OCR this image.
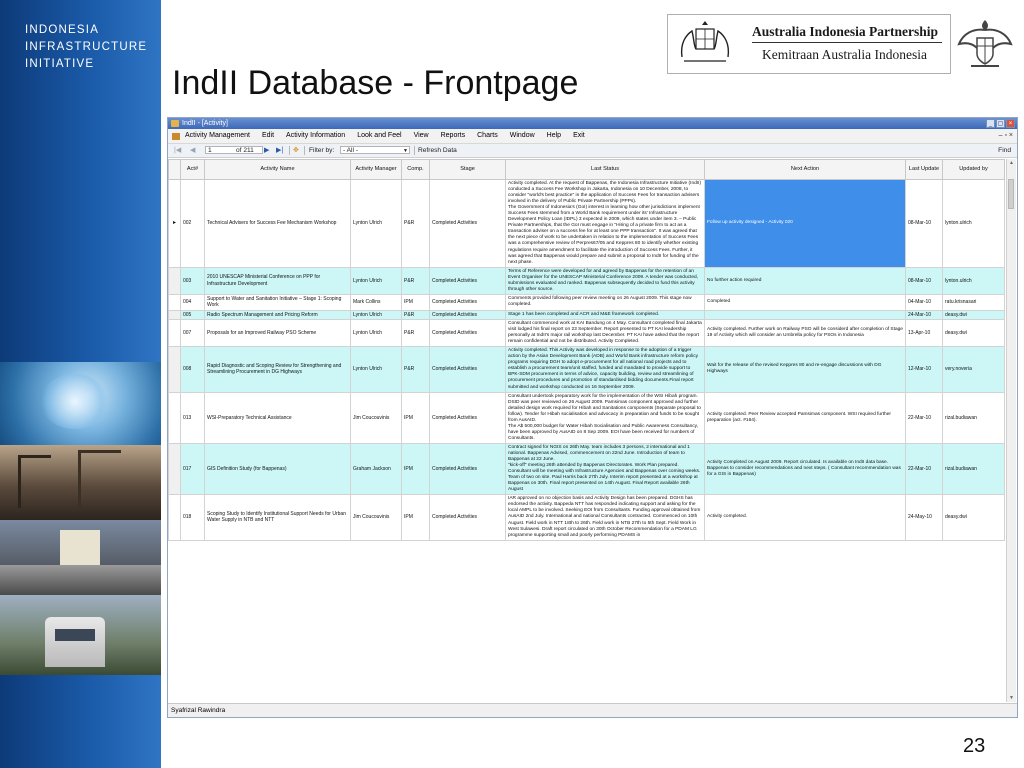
INDONESIA
INFRASTRUCTURE
INITIATIVE	IndII Database - Frontpage
Australia Indonesia Partnership
Kemitraan Australia Indonesia
IndII - [Activity]	_ ▢ ×
Activity Management Edit Activity Information Look and Feel View Reports Charts Window Help Exit	‒ ▫ ×
|◀ ◀	1	of 211 ▶ ▶| ✥ Filter by:	- All -	▼ Refresh Data	Find
	Act#	Activity Name	Activity Manager	Comp.	Stage	Last Status	Next Action	Last Update	Updated by
▸	002	Technical Advisers for Success Fee Mechanism Workshop	Lynton Ulrich	P&R	Completed Activities	Activity completed. At the request of Bappenas, the Indonesia Infrastructure Initiative (IndII) conducted a Success Fee Workshop in Jakarta, Indonesia on 10 December, 2008, to consider "world's best practice" in the application of Success Fees for transaction advisers involved in the delivery of Public Private Partnership (PPPs).
The Government of Indonesia's (GoI) interest in learning how other jurisdictions implement Success Fees stemmed from a World Bank requirement under its' Infrastructure Development Policy Loan (IDPL) 3 expected in 2009, which states under item 3. – Public Private Partnerships, that the GoI must engage in "Hiring of a private firm to act as a transaction adviser on a success fee for at least one PPP transaction". It was agreed that the next piece of work to be undertaken in relation to the implementation of Success Fees was a comprehensive review of Perpres67/05 and Keppres 80 to identify whether existing regulations require amendment to facilitate the introduction of Success Fees. Further, it was agreed that Bappenas would prepare and submit a proposal to IndII for funding of the next phase.	Follow up activity designed - Activity 020	08-Mar-10	lynton.ulrich
	003	2010 UNESCAP Ministerial Conference on PPP for Infrastructure Development	Lynton Ulrich	P&R	Completed Activities	Terms of Reference were developed for and agreed by Bappenas for the retention of an Event Organiser for the UNESCAP Ministerial Conference 2009. A tender was conducted, submissions evaluated and ranked. Bappenas subsequently decided to fund this activity through other source.	No further action required	08-Mar-10	lynton.ulrich
	004	Support to Water and Sanitation Initiative – Stage 1: Scoping Work	Mark Collins	IPM	Completed Activities	Comments provided following peer review meeting on 26 August 2009. This stage now completed.	Completed	04-Mar-10	ratu.krisnasari
	005	Radio Spectrum Management and Pricing Reform	Lynton Ulrich	P&R	Completed Activities	Stage 1 has been completed and ACR and M&E framework completed.		24-Mar-10	deasy.dwi
	007	Proposals for an Improved Railway PSO Scheme	Lynton Ulrich	P&R	Completed Activities	Consultant commenced work at KAI Bandung on 4 May. Consultant completed final Jakarta visit lodged his final report on 23 September. Report presented to PT KAI leadership personally at IndII's major rail workshop last December. PT KAI have asked that the report remain confidential and not be distributed. Activity Completed.	Activity completed. Further work on Railway PSO will be considerd after completion of Stage 19 of Activity which will consider an Umbrella policy for PSOs in Indonesia	13-Apr-10	deasy.dwi
	008	Rapid Diagnostic and Scoping Review for Strengthening and Streamlining Procurement in DG Highways	Lynton Ulrich	P&R	Completed Activities	Activity completed. This Activity was developed in response to the adoption of a trigger action by the Asian Development Bank (ADB) and World Bank infrastructure reform policy programs requiring DGH to adopt e-procurement for all national road projects and to establish a procurement team/unit staffed, funded and mandated to provide support to BPK-SDM procurement in terms of advice, capacity building, review and streamlining of procurement procedures and promotion of standardised bidding documents.Final report submitted and workshop conducted on 16 September 2009.	Wait for the release of the revised Keppres 80 and re-engage discussions with DG Highways	12-Mar-10	very.noveria
	013	WSI-Preparatory Technical Assistance	Jim Coucouvinis	IPM	Completed Activities	Consultant undertook preparatory work for the implementation of the WSI Hibah program. DSID was peer reviewed on 26 August 2009. Pamsimas component approved and further detailed design work required for Hibah and Sanitations components (Separate proposal to follow). Tender for Hibah socialisation and advocacy in preparation and funds to be sought from AusAID.
The A$ 500,000 budget for Water Hibah Socialisation and Public Awareness Consultancy, have been approved by AusAID on 8 Sep 2009. EOI have been received for numbers of Consultants.	Activity completed. Peer Review accepted Pamsimas component. WSI required further preparation (act. #164).	22-Mar-10	rizal.budiawan
	017	GIS Definition Study (for Bappenas)	Graham Jackson	IPM	Completed Activities	Contract signed for NGIS on 26th May. team includes 3 persons, 2 international and 1 national. Bappenas Advised, commencement on 22nd June. Introduction of team to Bappenas at 22 June.
"kick-off" meeting 26th attended by Bappenas Directorates. Work Plan prepared. Consultant will be meeting with Infrastructure Agencies and Bappenas over coming weeks. Team of two on site. Paul Harris back 27th July. Interim report presented at a workshop at Bappenas on 30th. Final report presented on 14th August. Final Report available 26th August	Activity Completed on August 2009. Report circulated. Is available on IndII data base.
Bappenas to consider recommendations and next steps. ( Consultant recommendation was for a GIS in Bappenas)	22-Mar-10	rizal.budiawan
	018	Scoping Study to Identify Institutional Support Needs for Urban Water Supply in NTB and NTT	Jim Coucouvinis	IPM	Completed Activities	IAR approved on no objection basis and Activity Design has been prepared. DGHS has endorsed the activity. Bappeda NTT has responded indicating support and asking for the local AMPL to be involved. Seeking EOI from Consultants. Funding approval obtained from AusAID 2nd July. International and national Consultants contracted. Commenced on 10th August. Field work in NTT 18th to 26th. Field work in NTB 27th to 5th Sept. Field Work in West Sulawesi. Draft report circulated on 30th October Recommendation for a PDAM LG programme supporting small and poorly performing PDAMS in	Activity completed.	24-May-10	deasy.dwi
▲
▼
Syafrizal Rawindra
23
